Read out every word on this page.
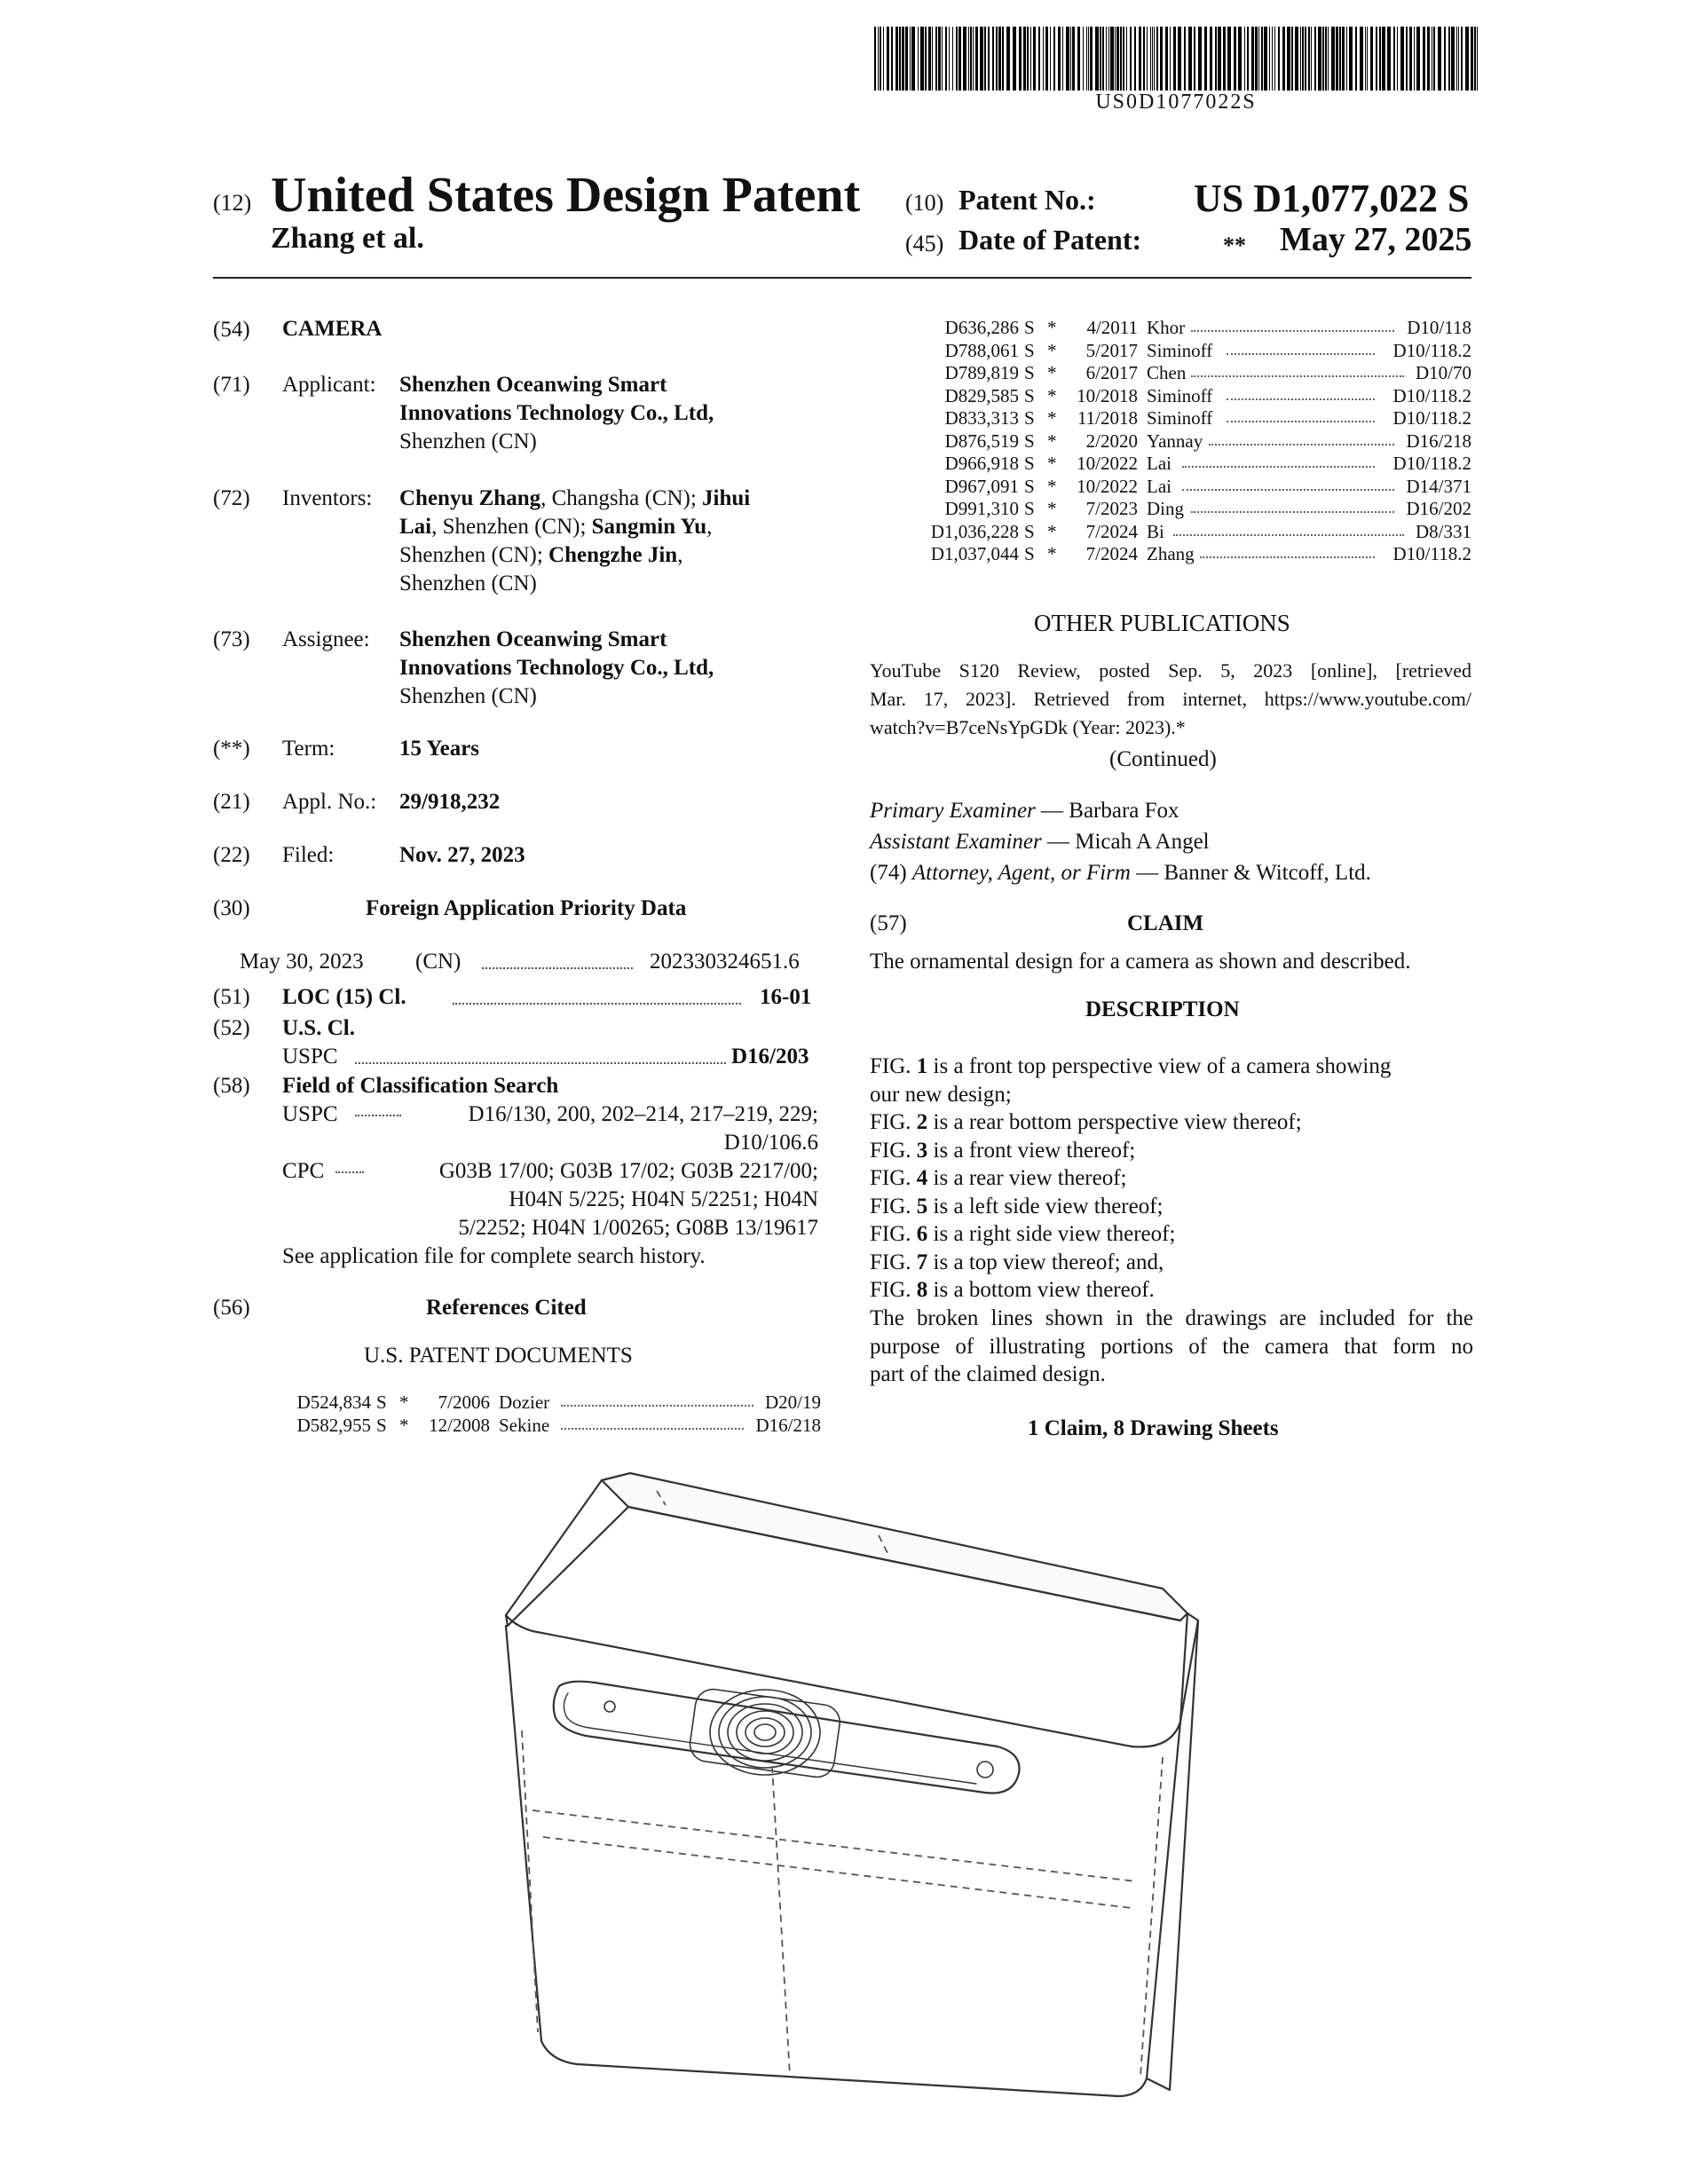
US0D1077022S
(12) United States Design Patent
Zhang et al.
(10) Patent No.:	US D1,077,022 S
(45) Date of Patent:	** May 27, 2025
(54) CAMERA
(71) Applicant: Shenzhen Oceanwing Smart
Innovations Technology Co., Ltd,
Shenzhen (CN)
(72) Inventors: Chenyu Zhang, Changsha (CN); Jihui
Lai, Shenzhen (CN); Sangmin Yu,
Shenzhen (CN); Chengzhe Jin,
Shenzhen (CN)
(73) Assignee: Shenzhen Oceanwing Smart
Innovations Technology Co., Ltd,
Shenzhen (CN)
(**) Term:	15 Years
(21) Appl. No.: 29/918,232
(22) Filed:	Nov. 27, 2023
(30)	Foreign Application Priority Data
May 30, 2023 (CN)	202330324651.6
(51) LOC (15) Cl.	16-01
(52) U.S. Cl.
USPC	D16/203
(58) Field of Classification Search
USPC	D16/130, 200, 202–214, 217–219, 229;
D10/106.6
CPC	G03B 17/00; G03B 17/02; G03B 2217/00;
H04N 5/225; H04N 5/2251; H04N
5/2252; H04N 1/00265; G08B 13/19617
See application file for complete search history.
(56)	References Cited
U.S. PATENT DOCUMENTS
D524,834 S *	7/2006 Dozier	D20/19
D582,955 S *	12/2008 Sekine	D16/218
D636,286 S *	4/2011 Khor	D10/118
D788,061 S *	5/2017 Siminoff	D10/118.2
D789,819 S *	6/2017 Chen	D10/70
D829,585 S *	10/2018 Siminoff	D10/118.2
D833,313 S *	11/2018 Siminoff	D10/118.2
D876,519 S *	2/2020 Yannay	D16/218
D966,918 S *	10/2022 Lai	D10/118.2
D967,091 S *	10/2022 Lai	D14/371
D991,310 S *	7/2023 Ding	D16/202
D1,036,228 S *	7/2024 Bi	D8/331
D1,037,044 S *	7/2024 Zhang	D10/118.2
OTHER PUBLICATIONS
YouTube S120 Review, posted Sep. 5, 2023 [online], [retrieved
Mar. 17, 2023]. Retrieved from internet, https://www.youtube.com/
watch?v=B7ceNsYpGDk (Year: 2023).*
(Continued)
Primary Examiner — Barbara Fox
Assistant Examiner — Micah A Angel
(74) Attorney, Agent, or Firm — Banner & Witcoff, Ltd.
(57)	CLAIM
The ornamental design for a camera as shown and described.
DESCRIPTION

FIG. 1 is a front top perspective view of a camera showing

our new design;

FIG. 2 is a rear bottom perspective view thereof;

FIG. 3 is a front view thereof;

FIG. 4 is a rear view thereof;

FIG. 5 is a left side view thereof;

FIG. 6 is a right side view thereof;

FIG. 7 is a top view thereof; and,

FIG. 8 is a bottom view thereof.

The broken lines shown in the drawings are included for the
purpose of illustrating portions of the camera that form no
part of the claimed design.
1 Claim, 8 Drawing Sheets
